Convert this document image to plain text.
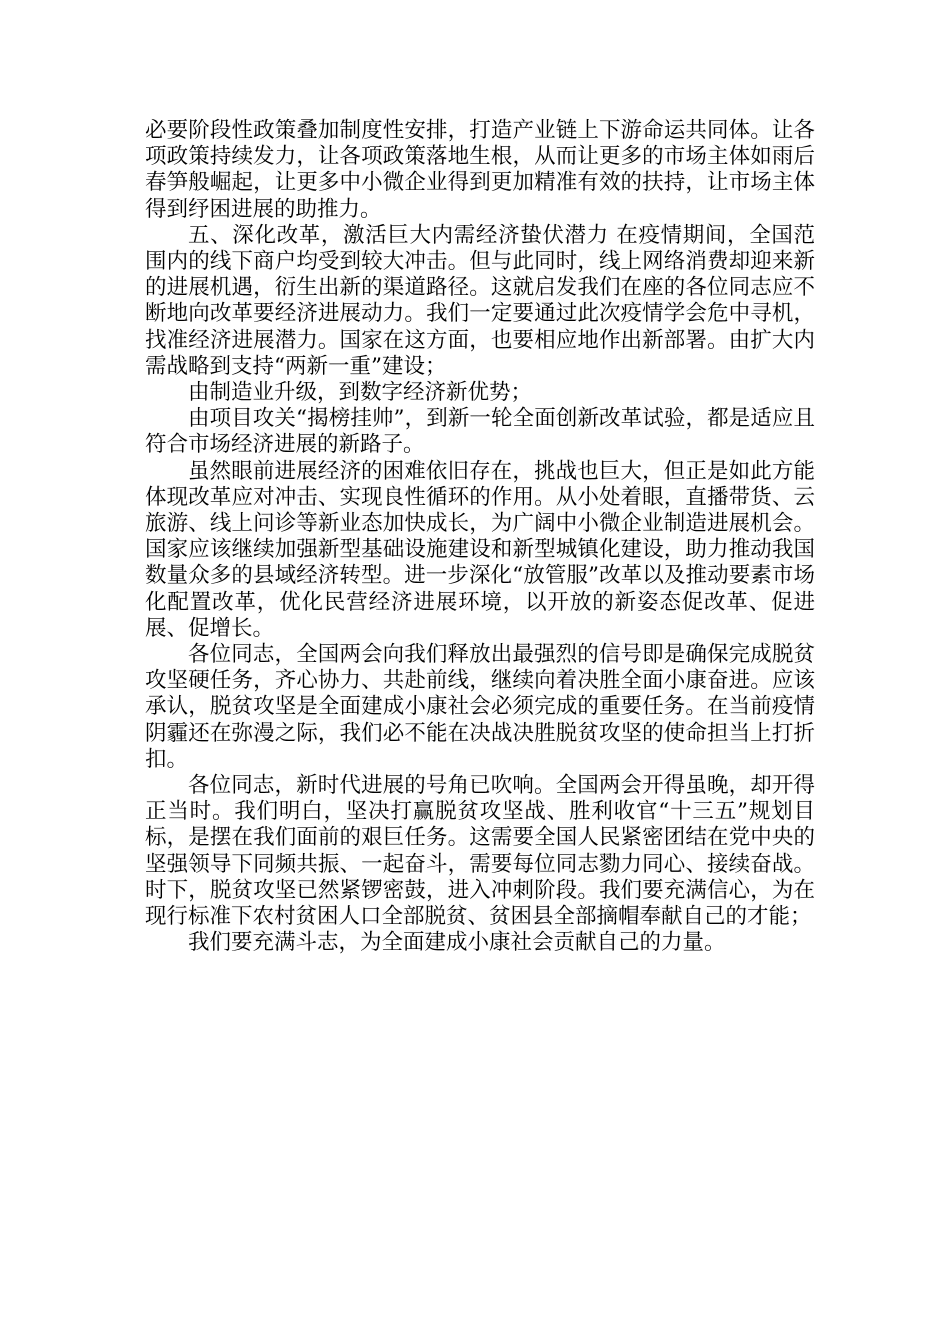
必要阶段性政策叠加制度性安排，打造产业链上下游命运共同体。让各项政策持续发力，让各项政策落地生根，从而让更多的市场主体如雨后春笋般崛起，让更多中小微企业得到更加精准有效的扶持，让市场主体得到纾困进展的助推力。

五、深化改革，激活巨大内需经济蛰伏潜力 在疫情期间，全国范围内的线下商户均受到较大冲击。但与此同时，线上网络消费却迎来新的进展机遇，衍生出新的渠道路径。这就启发我们在座的各位同志应不断地向改革要经济进展动力。我们一定要通过此次疫情学会危中寻机，找准经济进展潜力。国家在这方面，也要相应地作出新部署。由扩大内需战略到支持“两新一重”建设；

由制造业升级，到数字经济新优势；

由项目攻关“揭榜挂帅”，到新一轮全面创新改革试验，都是适应且符合市场经济进展的新路子。

虽然眼前进展经济的困难依旧存在，挑战也巨大，但正是如此方能体现改革应对冲击、实现良性循环的作用。从小处着眼，直播带货、云旅游、线上问诊等新业态加快成长，为广阔中小微企业制造进展机会。国家应该继续加强新型基础设施建设和新型城镇化建设，助力推动我国数量众多的县域经济转型。进一步深化“放管服”改革以及推动要素市场化配置改革，优化民营经济进展环境，以开放的新姿态促改革、促进展、促增长。

各位同志，全国两会向我们释放出最强烈的信号即是确保完成脱贫攻坚硬任务，齐心协力、共赴前线，继续向着决胜全面小康奋进。应该承认，脱贫攻坚是全面建成小康社会必须完成的重要任务。在当前疫情阴霾还在弥漫之际，我们必不能在决战决胜脱贫攻坚的使命担当上打折扣。

各位同志，新时代进展的号角已吹响。全国两会开得虽晚，却开得正当时。我们明白，坚决打赢脱贫攻坚战、胜利收官“十三五”规划目标，是摆在我们面前的艰巨任务。这需要全国人民紧密团结在党中央的坚强领导下同频共振、一起奋斗，需要每位同志勠力同心、接续奋战。时下，脱贫攻坚已然紧锣密鼓，进入冲刺阶段。我们要充满信心，为在现行标准下农村贫困人口全部脱贫、贫困县全部摘帽奉献自己的才能；

我们要充满斗志，为全面建成小康社会贡献自己的力量。
